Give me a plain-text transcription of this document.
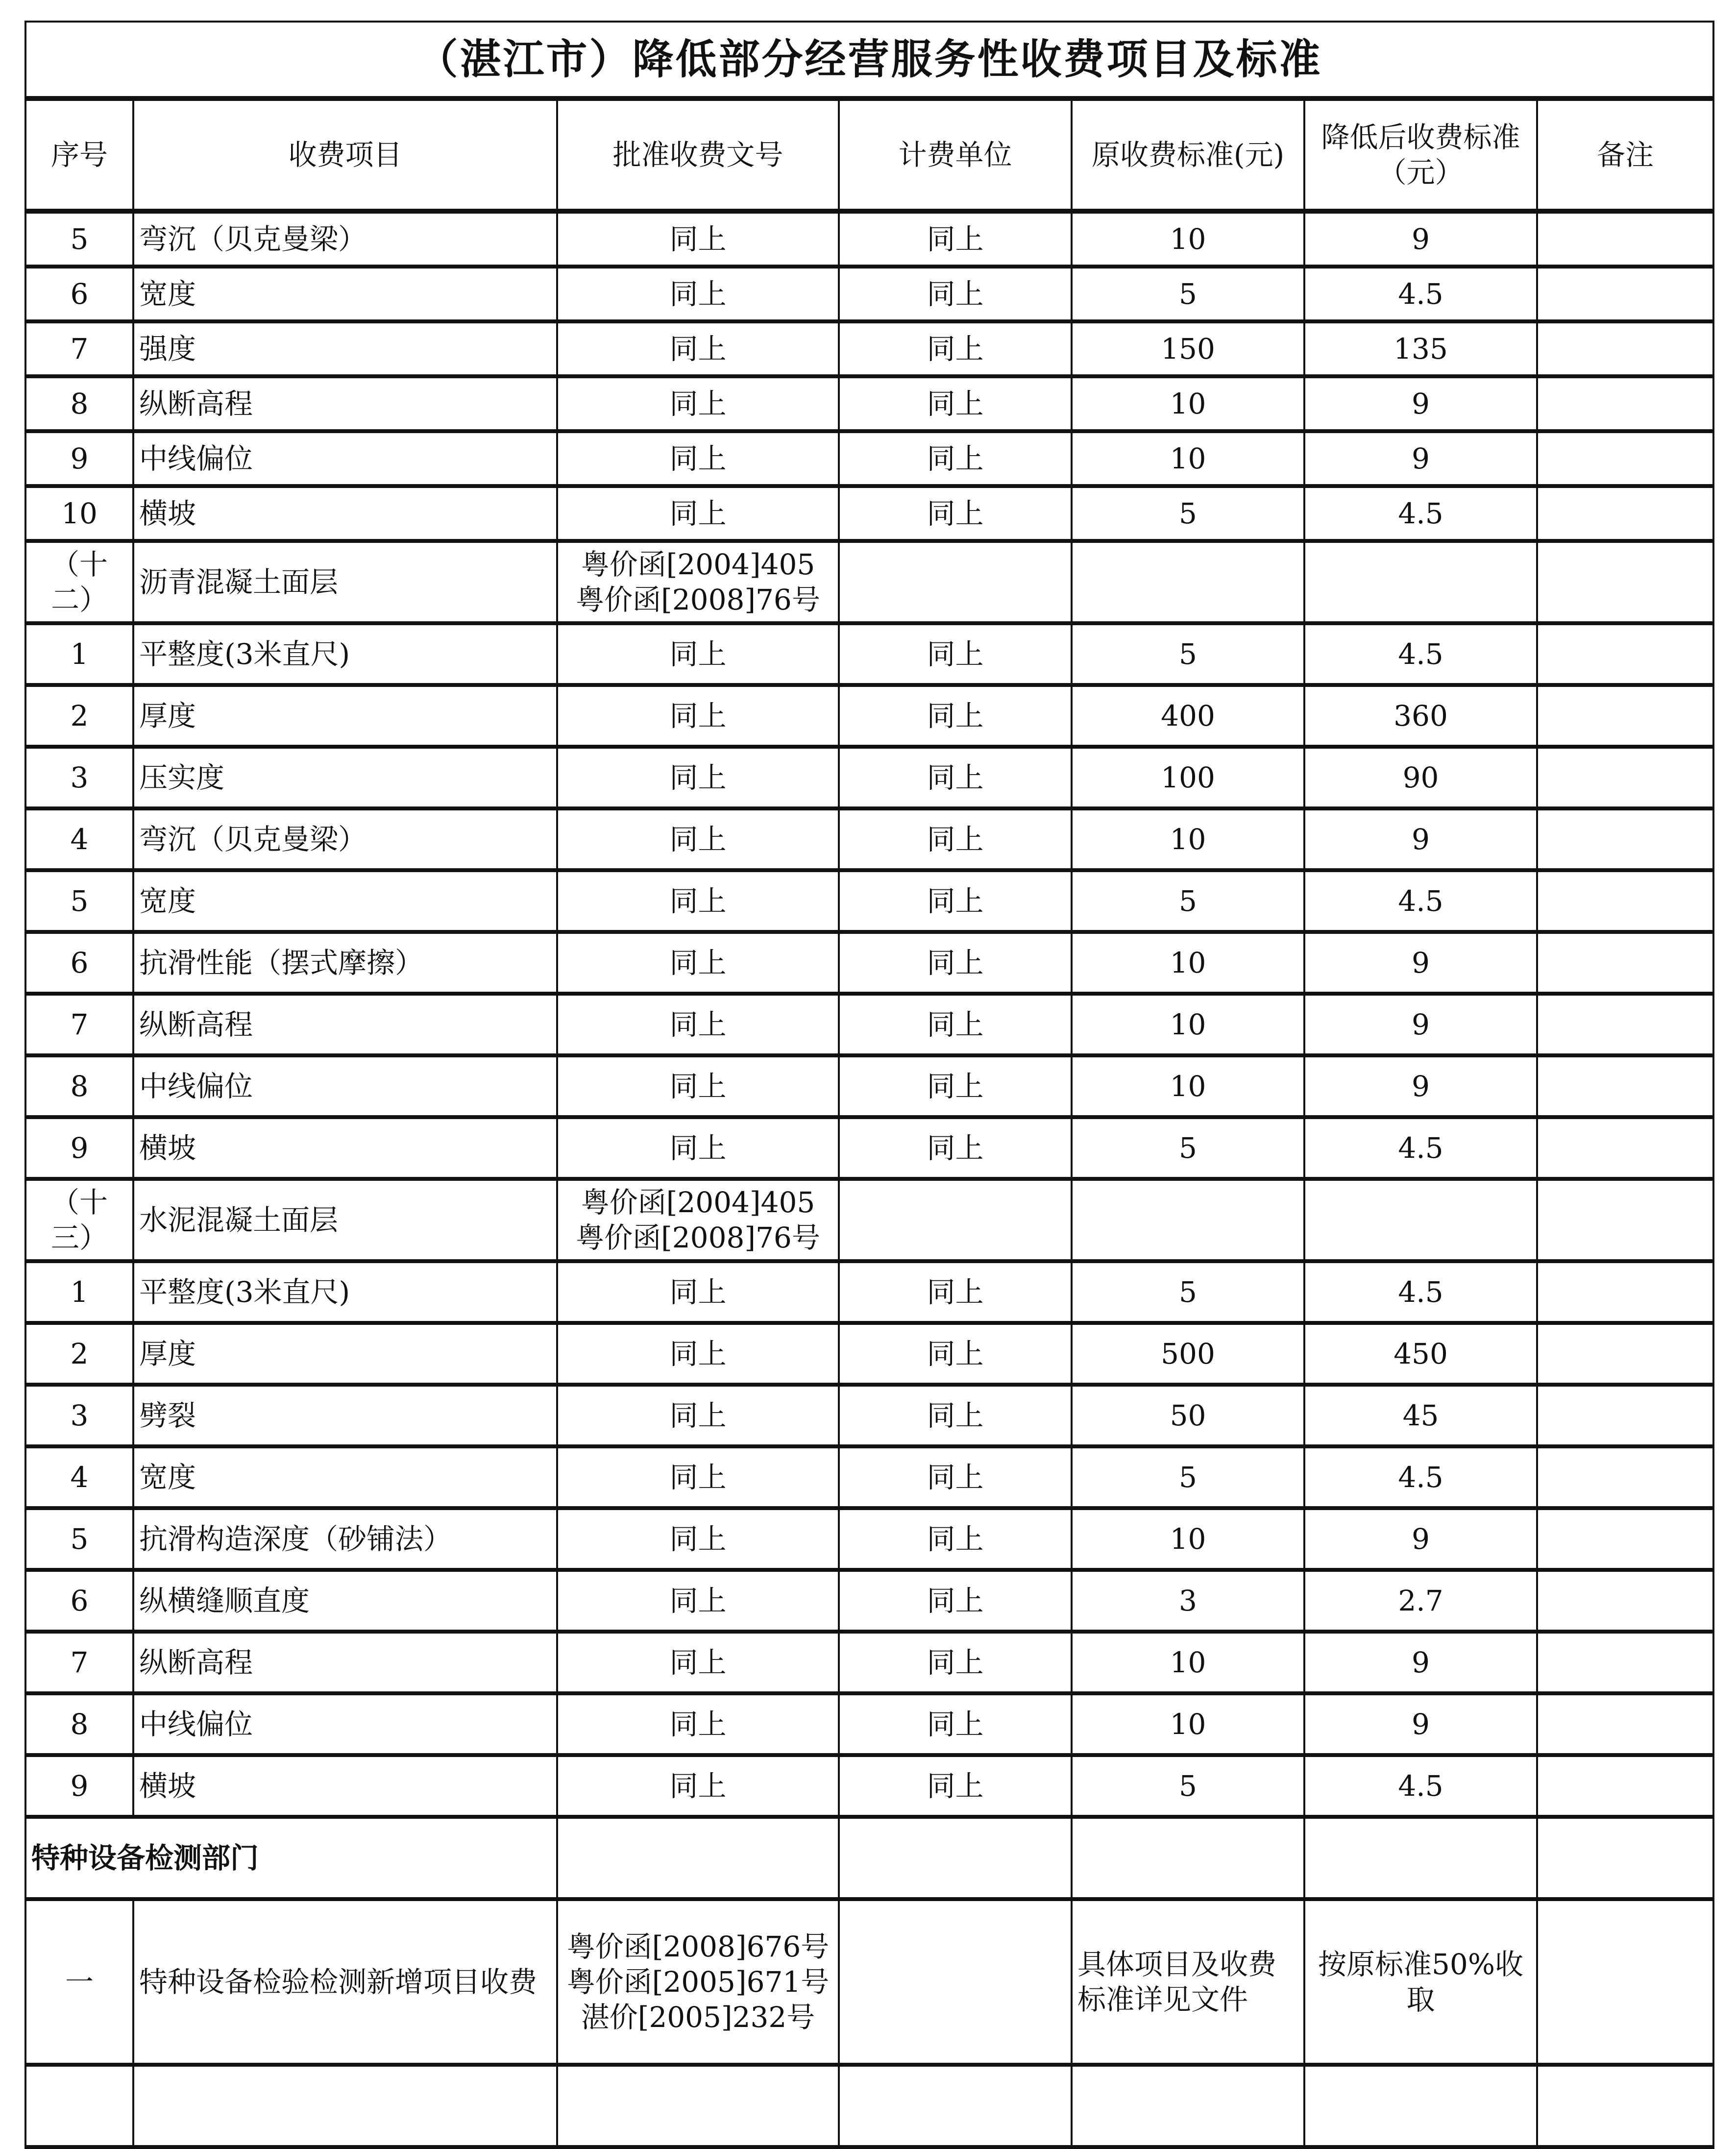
（湛江市）降低部分经营服务性收费项目及标准						
序号	收费项目	批准收费文号	计费单位	原收费标准(元)	降低后收费标准（元）	备注
5	弯沉（贝克曼梁）	同上	同上	10	9	
6	宽度	同上	同上	5	4.5	
7	强度	同上	同上	150	135	
8	纵断高程	同上	同上	10	9	
9	中线偏位	同上	同上	10	9	
10	横坡	同上	同上	5	4.5	
（十二）	沥青混凝土面层	粤价函[2004]405
粤价函[2008]76号				
1	平整度(3米直尺)	同上	同上	5	4.5	
2	厚度	同上	同上	400	360	
3	压实度	同上	同上	100	90	
4	弯沉（贝克曼梁）	同上	同上	10	9	
5	宽度	同上	同上	5	4.5	
6	抗滑性能（摆式摩擦）	同上	同上	10	9	
7	纵断高程	同上	同上	10	9	
8	中线偏位	同上	同上	10	9	
9	横坡	同上	同上	5	4.5	
（十三）	水泥混凝土面层	粤价函[2004]405
粤价函[2008]76号				
1	平整度(3米直尺)	同上	同上	5	4.5	
2	厚度	同上	同上	500	450	
3	劈裂	同上	同上	50	45	
4	宽度	同上	同上	5	4.5	
5	抗滑构造深度（砂铺法）	同上	同上	10	9	
6	纵横缝顺直度	同上	同上	3	2.7	
7	纵断高程	同上	同上	10	9	
8	中线偏位	同上	同上	10	9	
9	横坡	同上	同上	5	4.5	
特种设备检测部门						
一	特种设备检验检测新增项目收费	粤价函[2008]676号
粤价函[2005]671号
湛价[2005]232号		具体项目及收费标准详见文件	按原标准50%收取	
